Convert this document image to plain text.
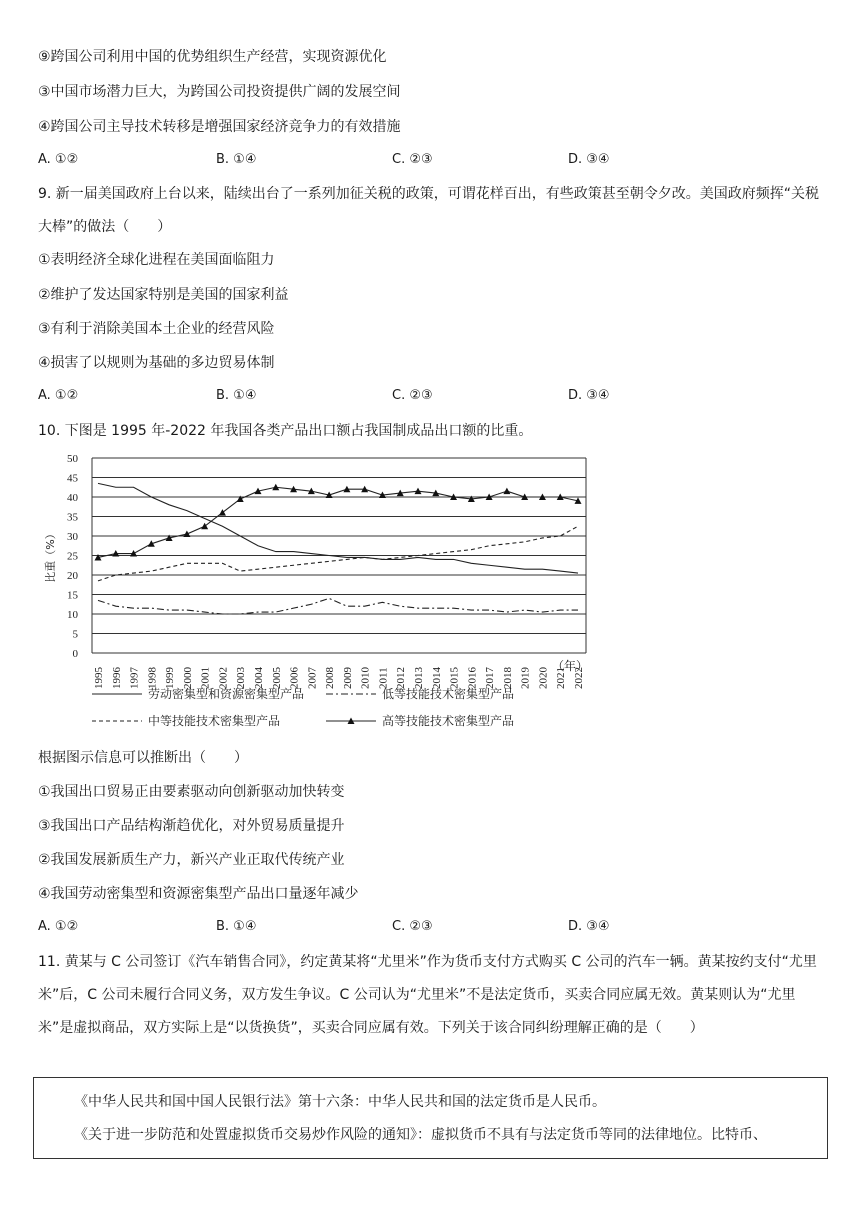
⑨跨国公司利用中国的优势组织生产经营，实现资源优化
③中国市场潜力巨大，为跨国公司投资提供广阔的发展空间
④跨国公司主导技术转移是增强国家经济竞争力的有效措施
A. ①②	B. ①④	C. ②③	D. ③④
9. 新一届美国政府上台以来，陆续出台了一系列加征关税的政策，可谓花样百出，有些政策甚至朝令夕改。美国政府频挥“关税大棒”的做法（　　）
①表明经济全球化进程在美国面临阻力
②维护了发达国家特别是美国的国家利益
③有利于消除美国本土企业的经营风险
④损害了以规则为基础的多边贸易体制
A. ①②	B. ①④	C. ②③	D. ③④
10. 下图是 1995 年-2022 年我国各类产品出口额占我国制成品出口额的比重。
0
5
10
15
20
25
30
35
40
45
50
比重（%）
1995 1996 1997 1998 1999 2000 2001 2002 2003 2004 2005 2006 2007 2008 2009 2010 2011 2012 2013 2014 2015 2016 2017 2018 2019 2020 2021 2022
（年）
劳动密集型和资源密集型产品	低等技能技术密集型产品
中等技能技术密集型产品	高等技能技术密集型产品
根据图示信息可以推断出（　　）
①我国出口贸易正由要素驱动向创新驱动加快转变
③我国出口产品结构渐趋优化，对外贸易质量提升
②我国发展新质生产力，新兴产业正取代传统产业
④我国劳动密集型和资源密集型产品出口量逐年减少
A. ①②	B. ①④	C. ②③	D. ③④
11. 黄某与 C 公司签订《汽车销售合同》，约定黄某将“尤里米”作为货币支付方式购买 C 公司的汽车一辆。黄某按约支付“尤里米”后，C 公司未履行合同义务，双方发生争议。C 公司认为“尤里米”不是法定货币，买卖合同应属无效。黄某则认为“尤里米”是虚拟商品，双方实际上是“以货换货”，买卖合同应属有效。下列关于该合同纠纷理解正确的是（　　）
《中华人民共和国中国人民银行法》第十六条：中华人民共和国的法定货币是人民币。
《关于进一步防范和处置虚拟货币交易炒作风险的通知》：虚拟货币不具有与法定货币等同的法律地位。比特币、
